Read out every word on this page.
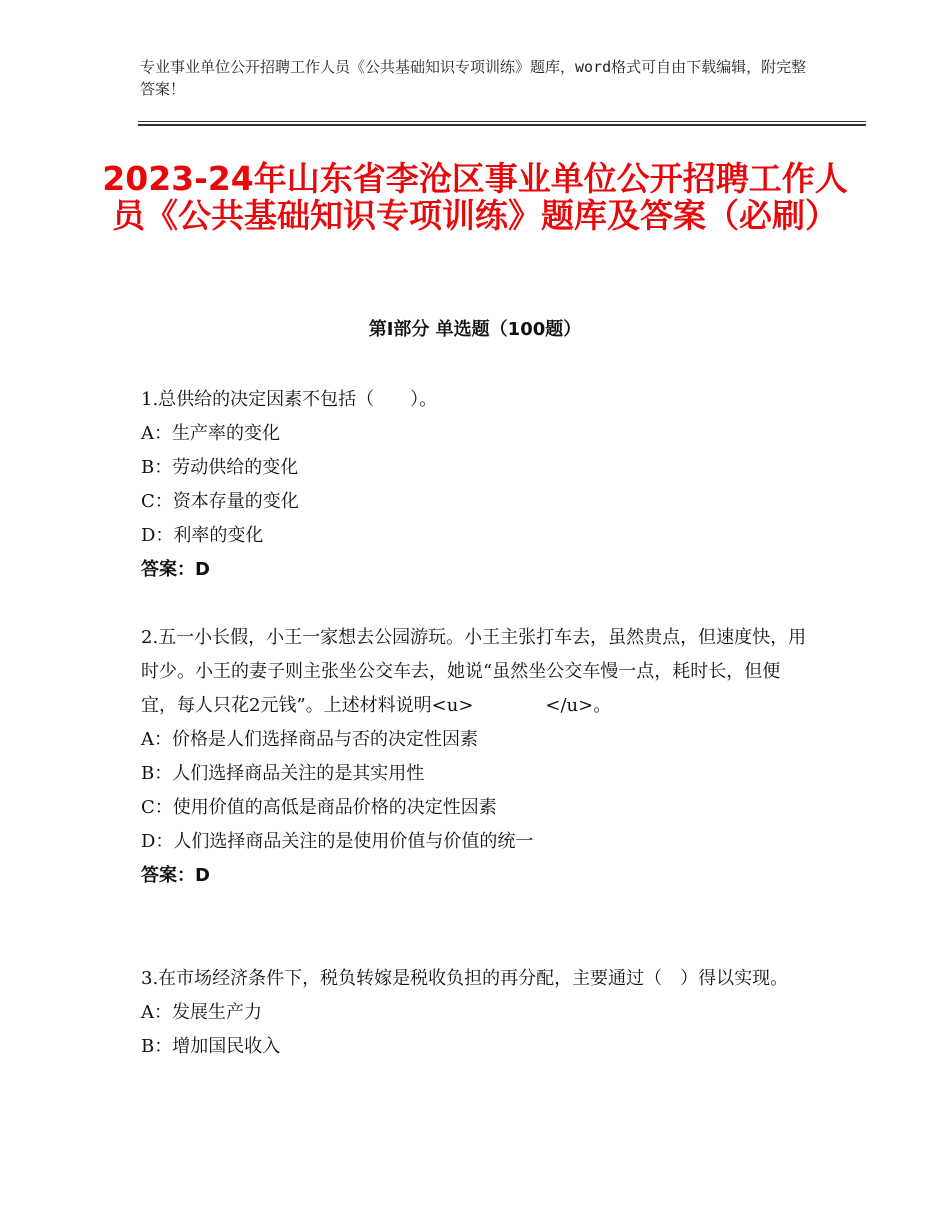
专业事业单位公开招聘工作人员《公共基础知识专项训练》题库，word格式可自由下载编辑，附完整答案！
2023-24年山东省李沧区事业单位公开招聘工作人员《公共基础知识专项训练》题库及答案（必刷）
第Ⅰ部分 单选题（100题）
1.总供给的决定因素不包括（　　）。
A：生产率的变化
B：劳动供给的变化
C：资本存量的变化
D：利率的变化
答案：D
2.五一小长假，小王一家想去公园游玩。小王主张打车去，虽然贵点，但速度快，用时少。小王的妻子则主张坐公交车去，她说“虽然坐公交车慢一点，耗时长，但便宜，每人只花2元钱”。上述材料说明<u>　　　　</u>。
A：价格是人们选择商品与否的决定性因素
B：人们选择商品关注的是其实用性
C：使用价值的高低是商品价格的决定性因素
D：人们选择商品关注的是使用价值与价值的统一
答案：D
3.在市场经济条件下，税负转嫁是税收负担的再分配，主要通过（　）得以实现。
A：发展生产力
B：增加国民收入
